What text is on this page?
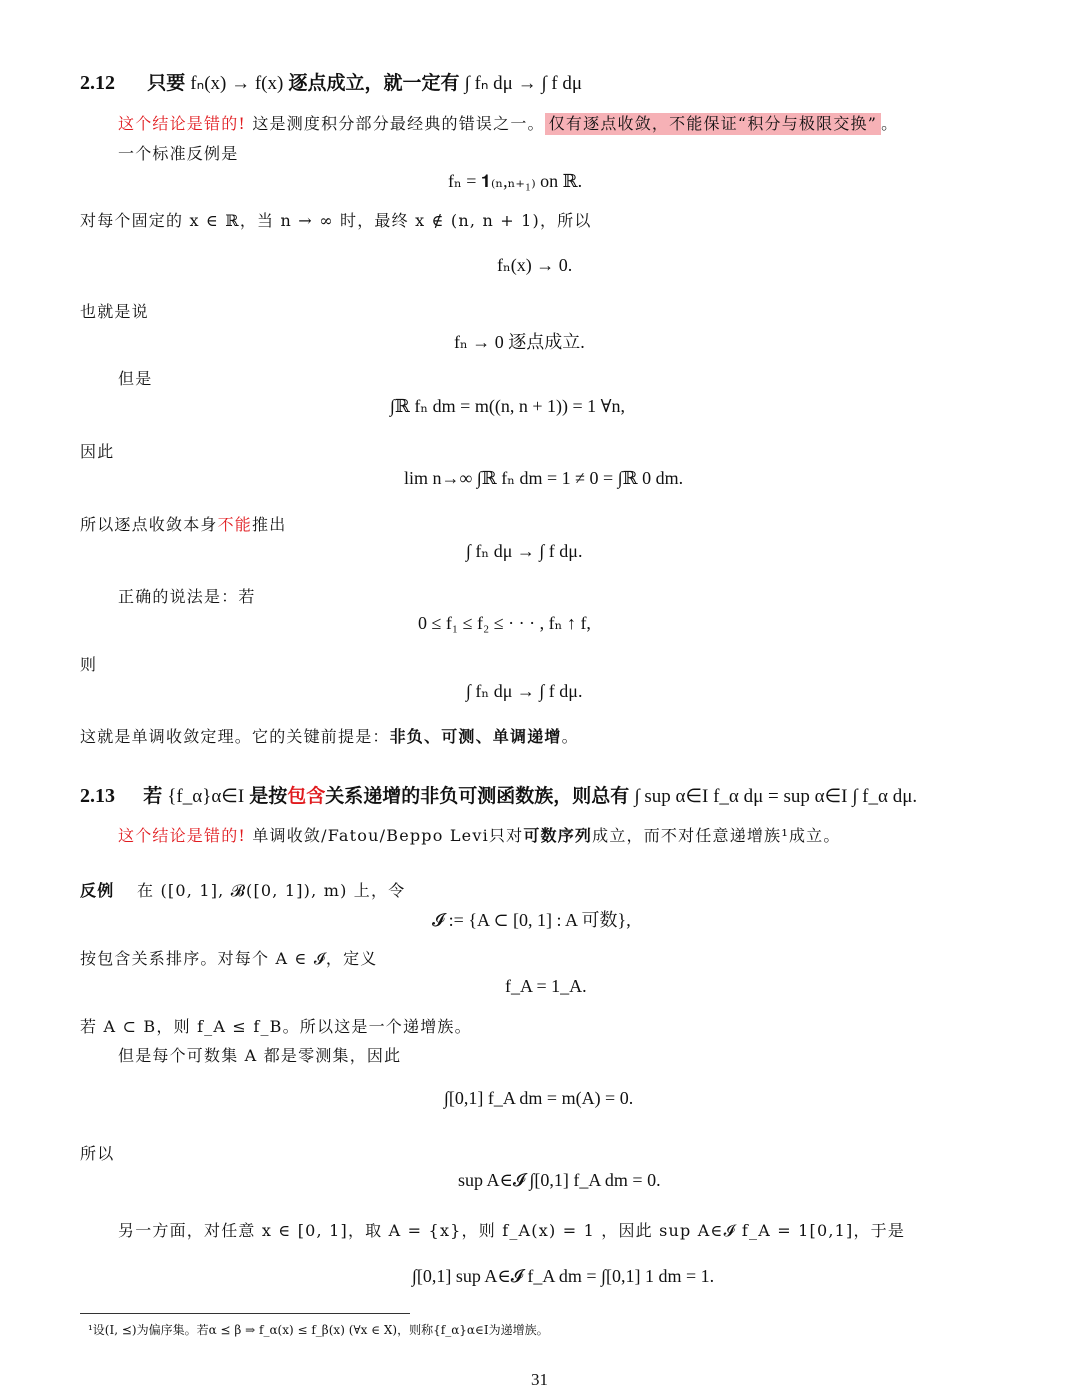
2.12 只要 fₙ(x) → f(x) 逐点成立，就一定有 ∫ fₙ dμ → ∫ f dμ
这个结论是错的! 这是测度积分部分最经典的错误之一。 仅有逐点收敛，不能保证“积分与极限交换” 。
一个标准反例是
fₙ = 𝟏₍ₙ,ₙ₊₁₎ on ℝ.
对每个固定的 x ∈ ℝ，当 n → ∞ 时，最终 x ∉ (n, n + 1)，所以
fₙ(x) → 0.
也就是说
fₙ → 0 逐点成立.
但是
∫ℝ fₙ dm = m((n, n + 1)) = 1 ∀n,
因此
lim n→∞ ∫ℝ fₙ dm = 1 ≠ 0 = ∫ℝ 0 dm.
所以逐点收敛本身不能推出
∫ fₙ dμ → ∫ f dμ.
正确的说法是：若
0 ≤ f₁ ≤ f₂ ≤ · · · , fₙ ↑ f,
则
∫ fₙ dμ → ∫ f dμ.
这就是单调收敛定理。它的关键前提是：非负、可测、单调递增。
2.13 若 {f_α}α∈I 是按包含关系递增的非负可测函数族，则总有 ∫ sup α∈I f_α dμ = sup α∈I ∫ f_α dμ.
这个结论是错的! 单调收敛/Fatou/Beppo Levi只对可数序列成立，而不对任意递增族¹成立。
反例 在 ([0, 1], 𝓑([0, 1]), m) 上，令
𝓘 := {A ⊂ [0, 1] : A 可数},
按包含关系排序。对每个 A ∈ 𝓘，定义
f_A = 1_A.
若 A ⊂ B，则 f_A ≤ f_B。所以这是一个递增族。
但是每个可数集 A 都是零测集，因此
∫[0,1] f_A dm = m(A) = 0.
所以
sup A∈𝓘 ∫[0,1] f_A dm = 0.
另一方面，对任意 x ∈ [0, 1]，取 A = {x}，则 f_A(x) = 1 ，因此 sup A∈𝓘 f_A = 1[0,1]，于是
∫[0,1] sup A∈𝓘 f_A dm = ∫[0,1] 1 dm = 1.
¹设(I, ⪯)为偏序集。若α ⪯ β ⇒ f_α(x) ≤ f_β(x) (∀x ∈ X)，则称{f_α}α∈I为递增族。
31
